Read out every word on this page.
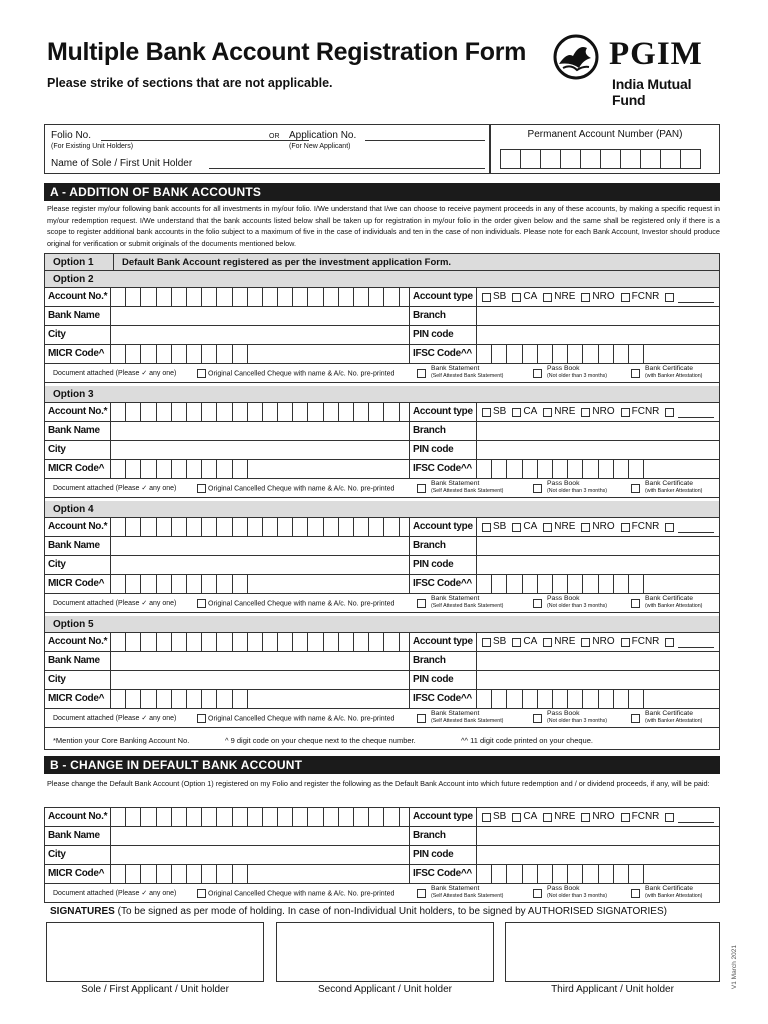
Multiple Bank Account Registration Form
Please strike of sections that are not applicable.
PGIM
India Mutual Fund
Folio No.
(For Existing Unit Holders)
OR Application No.
(For New Applicant)
Name of Sole / First Unit Holder
Permanent Account Number (PAN)
A - ADDITION OF BANK ACCOUNTS
Please register my/our following bank accounts for all investments in my/our folio. I/We understand that I/we can choose to receive payment proceeds in any of these accounts, by making a specific request in my/our redemption request. I/We understand that the bank accounts listed below shall be taken up for registration in my/our folio in the order given below and the same shall be registered only if there is a scope to register additional bank accounts in the folio subject to a maximum of five in the case of individuals and ten in the case of non individuals. Please note for each Bank Account, Investor should produce original for verification or submit originals of the documents mentioned below.
Option 1	Default Bank Account registered as per the investment application Form.
Option 2
Account No.*	Account type	SB CA NRE NRO FCNR
Bank Name	Branch
City	PIN code
MICR Code^	IFSC Code^^
Document attached (Please ✓ any one)	Original Cancelled Cheque with name & A/c. No. pre-printed
Bank Statement
(Self Attested Bank Statement)
Pass Book
(Not older than 3 months)
Bank Certificate
(with Banker Attestation)
Option 3
Account No.*	Account type	SB CA NRE NRO FCNR
Bank Name	Branch
City	PIN code
MICR Code^	IFSC Code^^
Document attached (Please ✓ any one)	Original Cancelled Cheque with name & A/c. No. pre-printed
Bank Statement
(Self Attested Bank Statement)
Pass Book
(Not older than 3 months)
Bank Certificate
(with Banker Attestation)
Option 4
Account No.*	Account type	SB CA NRE NRO FCNR
Bank Name	Branch
City	PIN code
MICR Code^	IFSC Code^^
Document attached (Please ✓ any one)	Original Cancelled Cheque with name & A/c. No. pre-printed
Bank Statement
(Self Attested Bank Statement)
Pass Book
(Not older than 3 months)
Bank Certificate
(with Banker Attestation)
Option 5
Account No.*	Account type	SB CA NRE NRO FCNR
Bank Name	Branch
City	PIN code
MICR Code^	IFSC Code^^
Document attached (Please ✓ any one)	Original Cancelled Cheque with name & A/c. No. pre-printed
Bank Statement
(Self Attested Bank Statement)
Pass Book
(Not older than 3 months)
Bank Certificate
(with Banker Attestation)
*Mention your Core Banking Account No.	^ 9 digit code on your cheque next to the cheque number.	^^ 11 digit code printed on your cheque.
B - CHANGE IN DEFAULT BANK ACCOUNT
Please change the Default Bank Account (Option 1) registered on my Folio and register the following as the Default Bank Account into which future redemption and / or dividend proceeds, if any, will be paid:
Account No.*	Account type	SB CA NRE NRO FCNR
Bank Name	Branch
City	PIN code
MICR Code^	IFSC Code^^
Document attached (Please ✓ any one)	Original Cancelled Cheque with name & A/c. No. pre-printed
Bank Statement
(Self Attested Bank Statement)
Pass Book
(Not older than 3 months)
Bank Certificate
(with Banker Attestation)
SIGNATURES (To be signed as per mode of holding. In case of non-Individual Unit holders, to be signed by AUTHORISED SIGNATORIES)
Sole / First Applicant / Unit holder	Second Applicant / Unit holder	Third Applicant / Unit holder
V1 March 2021
